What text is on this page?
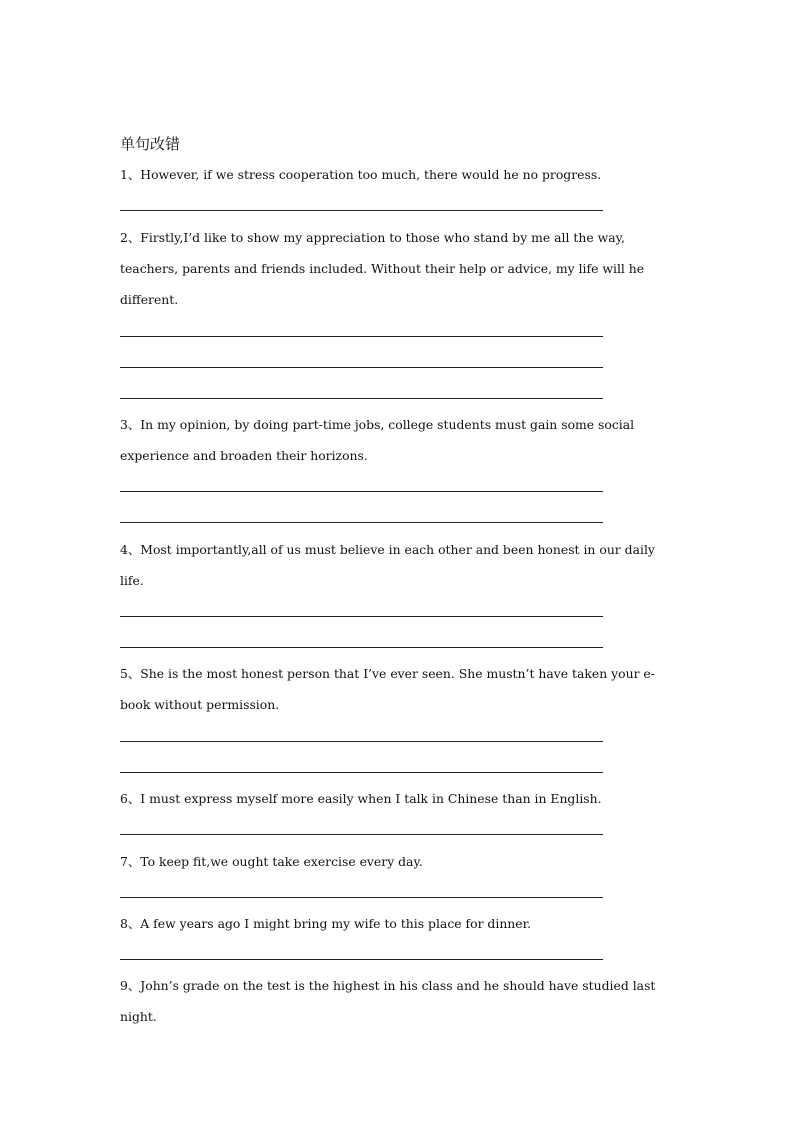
单句改错
1、However, if we stress cooperation too much, there would he no progress.
2、Firstly,I’d like to show my appreciation to those who stand by me all the way, teachers, parents and friends included. Without their help or advice, my life will he different.
3、In my opinion, by doing part-time jobs, college students must gain some social experience and broaden their horizons.
4、Most importantly,all of us must believe in each other and been honest in our daily life.
5、She is the most honest person that I’ve ever seen. She mustn’t have taken your e-book without permission.
6、I must express myself more easily when I talk in Chinese than in English.
7、To keep fit,we ought take exercise every day.
8、A few years ago I might bring my wife to this place for dinner.
9、John’s grade on the test is the highest in his class and he should have studied last night.
